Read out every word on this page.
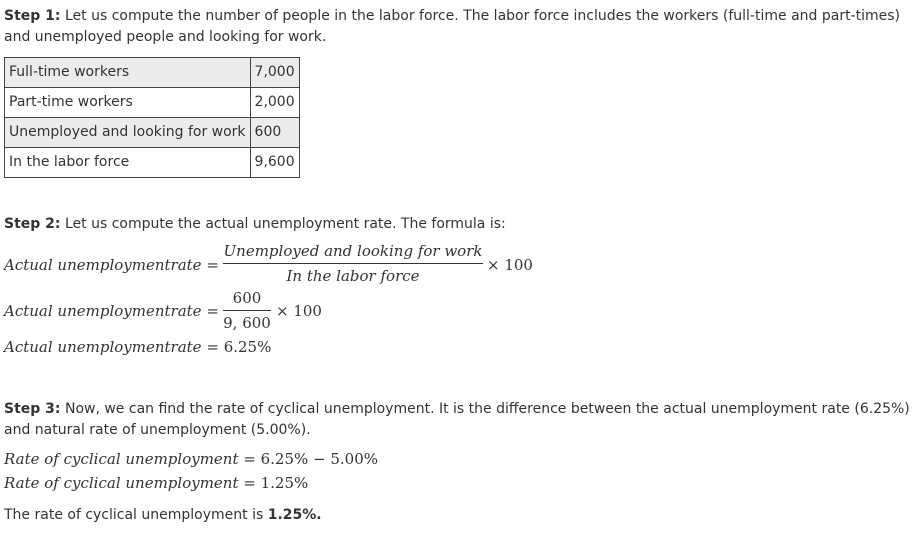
Step 1: Let us compute the number of people in the labor force. The labor force includes the workers (full-time and part-times) and unemployed people and looking for work.
Full-time workers	7,000
Part-time workers	2,000
Unemployed and looking for work	600
In the labor force	9,600
Step 2: Let us compute the actual unemployment rate. The formula is:
Actual unemploymentrate =
Unemployed and looking for work
In the labor force
× 100
Actual unemploymentrate = $\frac{600}{9, 600} \times 100$
Actual unemploymentrate = 6.25%
Step 3: Now, we can find the rate of cyclical unemployment. It is the difference between the actual unemployment rate (6.25%) and natural rate of unemployment (5.00%).
Rate of cyclical unemployment = 6.25% − 5.00%
Rate of cyclical unemployment = 1.25%
The rate of cyclical unemployment is 1.25%.
